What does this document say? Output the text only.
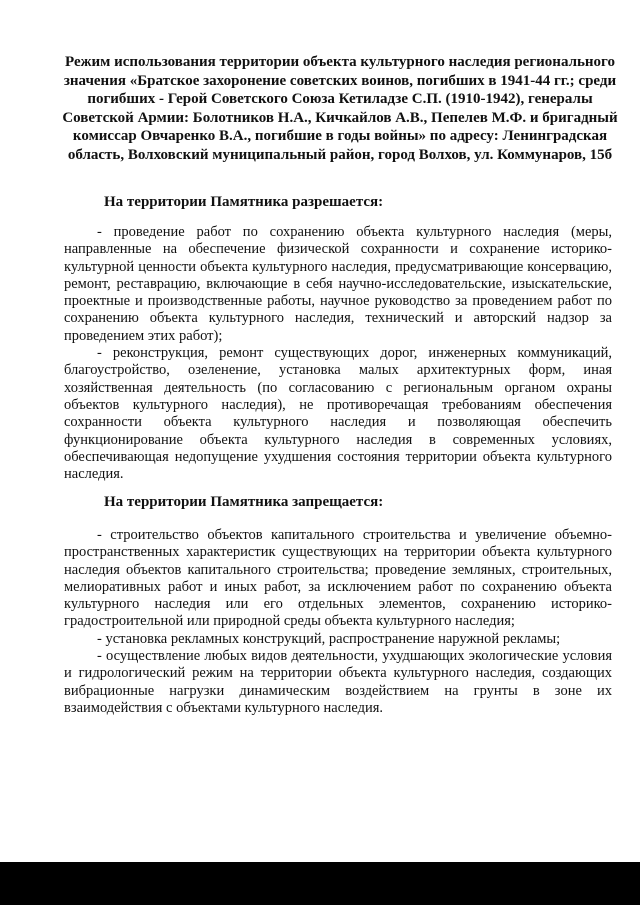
Режим использования территории объекта культурного наследия регионального значения «Братское захоронение советских воинов, погибших в 1941-44 гг.; среди погибших - Герой Советского Союза Кетиладзе С.П. (1910-1942), генералы Советской Армии: Болотников Н.А., Кичкайлов А.В., Пепелев М.Ф. и бригадный комиссар Овчаренко В.А., погибшие в годы войны» по адресу: Ленинградская область, Волховский муниципальный район, город Волхов, ул. Коммунаров, 15б
На территории Памятника разрешается:

- проведение работ по сохранению объекта культурного наследия (меры, направленные на обеспечение физической сохранности и сохранение историко-культурной ценности объекта культурного наследия, предусматривающие консервацию, ремонт, реставрацию, включающие в себя научно-исследовательские, изыскательские, проектные и производственные работы, научное руководство за проведением работ по сохранению объекта культурного наследия, технический и авторский надзор за проведением этих работ);

- реконструкция, ремонт существующих дорог, инженерных коммуникаций, благоустройство, озеленение, установка малых архитектурных форм, иная хозяйственная деятельность (по согласованию с региональным органом охраны объектов культурного наследия), не противоречащая требованиям обеспечения сохранности объекта культурного наследия и позволяющая обеспечить функционирование объекта культурного наследия в современных условиях, обеспечивающая недопущение ухудшения состояния территории объекта культурного наследия.

На территории Памятника запрещается:

- строительство объектов капитального строительства и увеличение объемно-пространственных характеристик существующих на территории объекта культурного наследия объектов капитального строительства; проведение земляных, строительных, мелиоративных работ и иных работ, за исключением работ по сохранению объекта культурного наследия или его отдельных элементов, сохранению историко-градостроительной или природной среды объекта культурного наследия;

- установка рекламных конструкций, распространение наружной рекламы;

- осуществление любых видов деятельности, ухудшающих экологические условия и гидрологический режим на территории объекта культурного наследия, создающих вибрационные нагрузки динамическим воздействием на грунты в зоне их взаимодействия с объектами культурного наследия.
